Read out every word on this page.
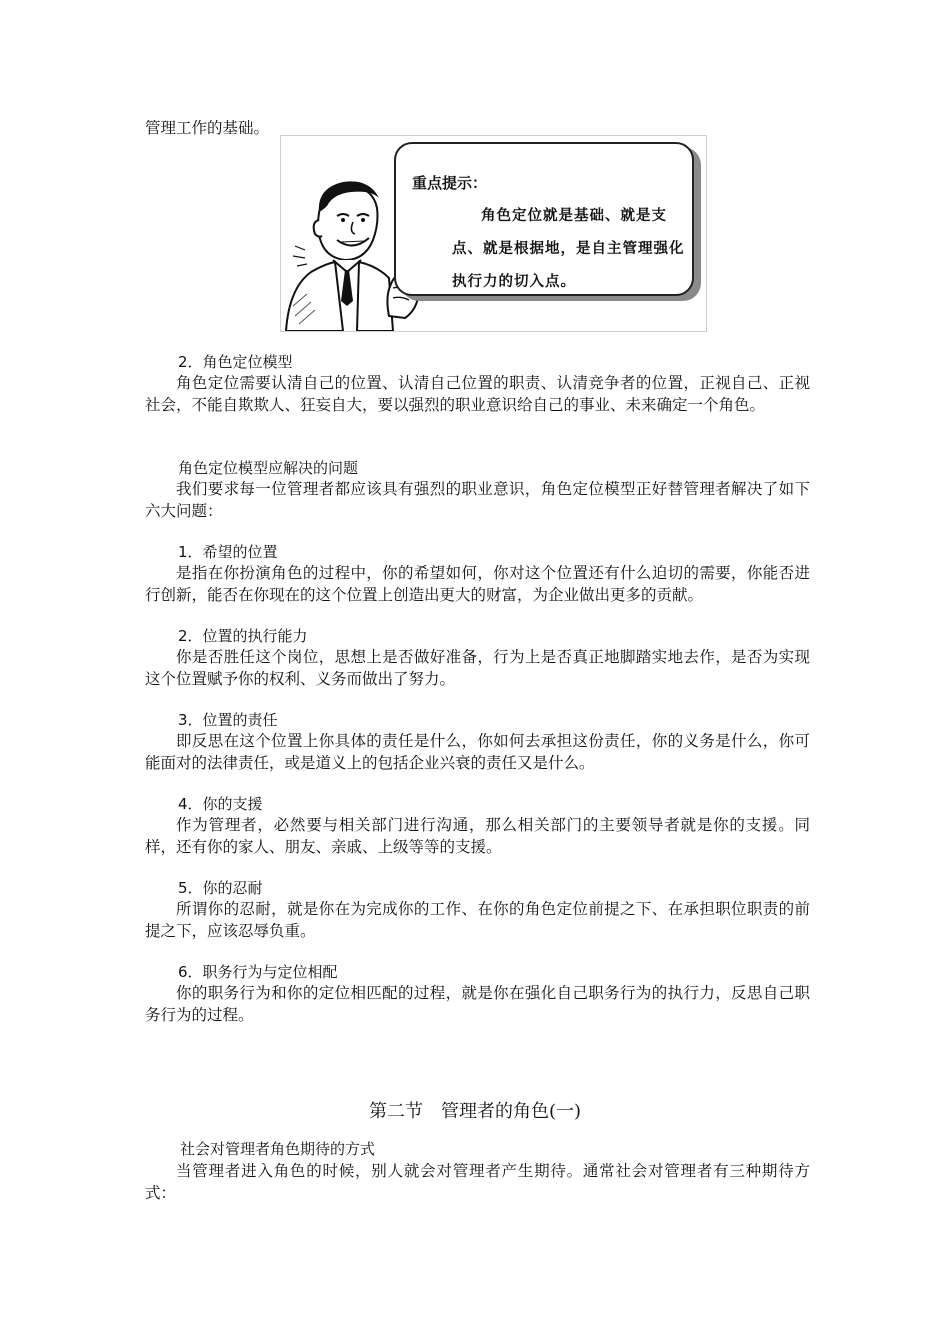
管理工作的基础。

重点提示：

角色定位就是基础、就是支点、就是根据地，是自主管理强化执行力的切入点。

2．角色定位模型

角色定位需要认清自己的位置、认清自己位置的职责、认清竞争者的位置，正视自己、正视社会，不能自欺欺人、狂妄自大，要以强烈的职业意识给自己的事业、未来确定一个角色。

角色定位模型应解决的问题

我们要求每一位管理者都应该具有强烈的职业意识，角色定位模型正好替管理者解决了如下六大问题：

1．希望的位置

是指在你扮演角色的过程中，你的希望如何，你对这个位置还有什么迫切的需要，你能否进行创新，能否在你现在的这个位置上创造出更大的财富，为企业做出更多的贡献。

2．位置的执行能力

你是否胜任这个岗位，思想上是否做好准备，行为上是否真正地脚踏实地去作，是否为实现这个位置赋予你的权利、义务而做出了努力。

3．位置的责任

即反思在这个位置上你具体的责任是什么，你如何去承担这份责任，你的义务是什么，你可能面对的法律责任，或是道义上的包括企业兴衰的责任又是什么。

4．你的支援

作为管理者，必然要与相关部门进行沟通，那么相关部门的主要领导者就是你的支援。同样，还有你的家人、朋友、亲戚、上级等等的支援。

5．你的忍耐

所谓你的忍耐，就是你在为完成你的工作、在你的角色定位前提之下、在承担职位职责的前提之下，应该忍辱负重。

6．职务行为与定位相配

你的职务行为和你的定位相匹配的过程，就是你在强化自己职务行为的执行力，反思自己职务行为的过程。

第二节　管理者的角色(一)

社会对管理者角色期待的方式

当管理者进入角色的时候，别人就会对管理者产生期待。通常社会对管理者有三种期待方式：
